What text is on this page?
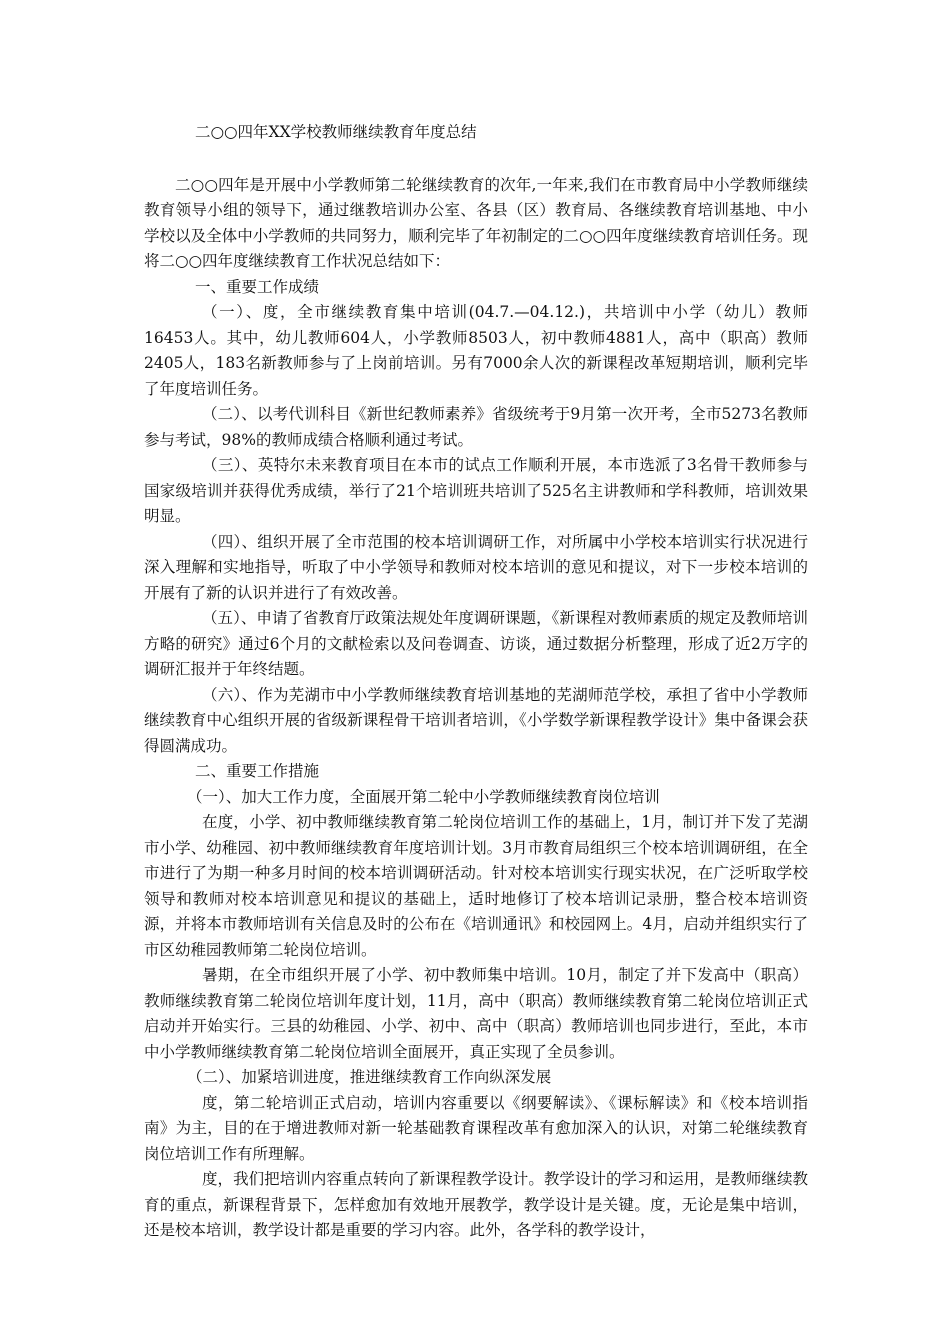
二○○四年XX学校教师继续教育年度总结

二○○四年是开展中小学教师第二轮继续教育的次年,一年来,我们在市教育局中小学教师继续教育领导小组的领导下，通过继教培训办公室、各县（区）教育局、各继续教育培训基地、中小学校以及全体中小学教师的共同努力，顺利完毕了年初制定的二○○四年度继续教育培训任务。现将二○○四年度继续教育工作状况总结如下：

一、重要工作成绩

（一）、度，全市继续教育集中培训(04.7.—04.12.)，共培训中小学（幼儿）教师16453人。其中，幼儿教师604人，小学教师8503人，初中教师4881人，高中（职高）教师2405人，183名新教师参与了上岗前培训。另有7000余人次的新课程改革短期培训，顺利完毕了年度培训任务。

（二）、以考代训科目《新世纪教师素养》省级统考于9月第一次开考，全市5273名教师参与考试，98%的教师成绩合格顺利通过考试。

（三）、英特尔未来教育项目在本市的试点工作顺利开展，本市选派了3名骨干教师参与国家级培训并获得优秀成绩，举行了21个培训班共培训了525名主讲教师和学科教师，培训效果明显。

（四）、组织开展了全市范围的校本培训调研工作，对所属中小学校本培训实行状况进行深入理解和实地指导，听取了中小学领导和教师对校本培训的意见和提议，对下一步校本培训的开展有了新的认识并进行了有效改善。

（五）、申请了省教育厅政策法规处年度调研课题，《新课程对教师素质的规定及教师培训方略的研究》通过6个月的文献检索以及问卷调查、访谈，通过数据分析整理，形成了近2万字的调研汇报并于年终结题。

（六）、作为芜湖市中小学教师继续教育培训基地的芜湖师范学校，承担了省中小学教师继续教育中心组织开展的省级新课程骨干培训者培训，《小学数学新课程教学设计》集中备课会获得圆满成功。

二、重要工作措施

（一）、加大工作力度，全面展开第二轮中小学教师继续教育岗位培训

在度，小学、初中教师继续教育第二轮岗位培训工作的基础上，1月，制订并下发了芜湖市小学、幼稚园、初中教师继续教育年度培训计划。3月市教育局组织三个校本培训调研组，在全市进行了为期一种多月时间的校本培训调研活动。针对校本培训实行现实状况，在广泛听取学校领导和教师对校本培训意见和提议的基础上，适时地修订了校本培训记录册，整合校本培训资源，并将本市教师培训有关信息及时的公布在《培训通讯》和校园网上。4月，启动并组织实行了市区幼稚园教师第二轮岗位培训。

暑期，在全市组织开展了小学、初中教师集中培训。10月，制定了并下发高中（职高）教师继续教育第二轮岗位培训年度计划，11月，高中（职高）教师继续教育第二轮岗位培训正式启动并开始实行。三县的幼稚园、小学、初中、高中（职高）教师培训也同步进行，至此，本市中小学教师继续教育第二轮岗位培训全面展开，真正实现了全员参训。

（二）、加紧培训进度，推进继续教育工作向纵深发展

度，第二轮培训正式启动，培训内容重要以《纲要解读》、《课标解读》和《校本培训指南》为主，目的在于增进教师对新一轮基础教育课程改革有愈加深入的认识，对第二轮继续教育岗位培训工作有所理解。

度，我们把培训内容重点转向了新课程教学设计。教学设计的学习和运用，是教师继续教育的重点，新课程背景下，怎样愈加有效地开展教学，教学设计是关键。度，无论是集中培训，还是校本培训，教学设计都是重要的学习内容。此外，各学科的教学设计，
